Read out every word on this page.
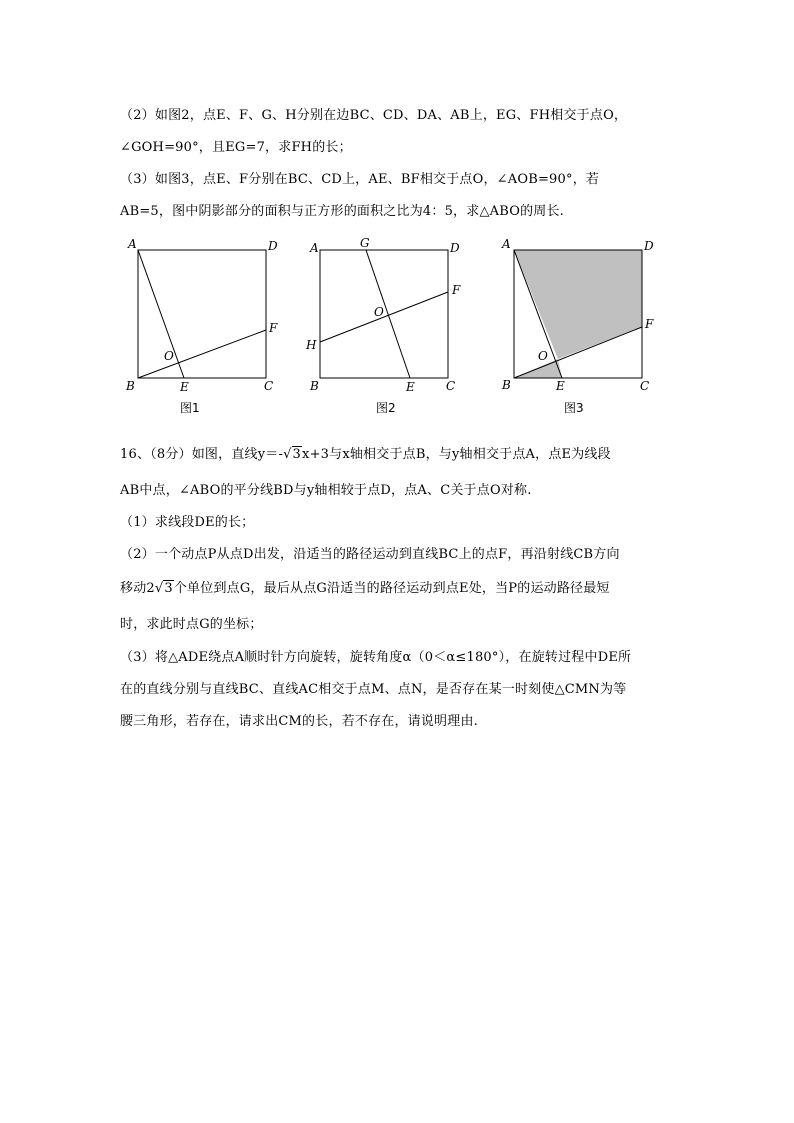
（2）如图2，点E、F、G、H分别在边BC、CD、DA、AB上，EG、FH相交于点O，
∠GOH=90°，且EG=7，求FH的长；
（3）如图3，点E、F分别在BC、CD上，AE、BF相交于点O，∠AOB=90°，若
AB=5，图中阴影部分的面积与正方形的面积之比为4：5，求△ABO的周长.
A	D
F
O
B	E	C
图1
A	G	D
F
O
H
B	E	C
图2
A	D
F
O
B	E	C
图3
16、（8分）如图，直线y＝-√3x+3与x轴相交于点B，与y轴相交于点A，点E为线段
AB中点，∠ABO的平分线BD与y轴相较于点D，点A、C关于点O对称.
（1）求线段DE的长；
（2）一个动点P从点D出发，沿适当的路径运动到直线BC上的点F，再沿射线CB方向
移动2√3个单位到点G，最后从点G沿适当的路径运动到点E处，当P的运动路径最短
时，求此时点G的坐标；
（3）将△ADE绕点A顺时针方向旋转，旋转角度α（0＜α≤180°），在旋转过程中DE所
在的直线分别与直线BC、直线AC相交于点M、点N，是否存在某一时刻使△CMN为等
腰三角形，若存在，请求出CM的长，若不存在，请说明理由.
